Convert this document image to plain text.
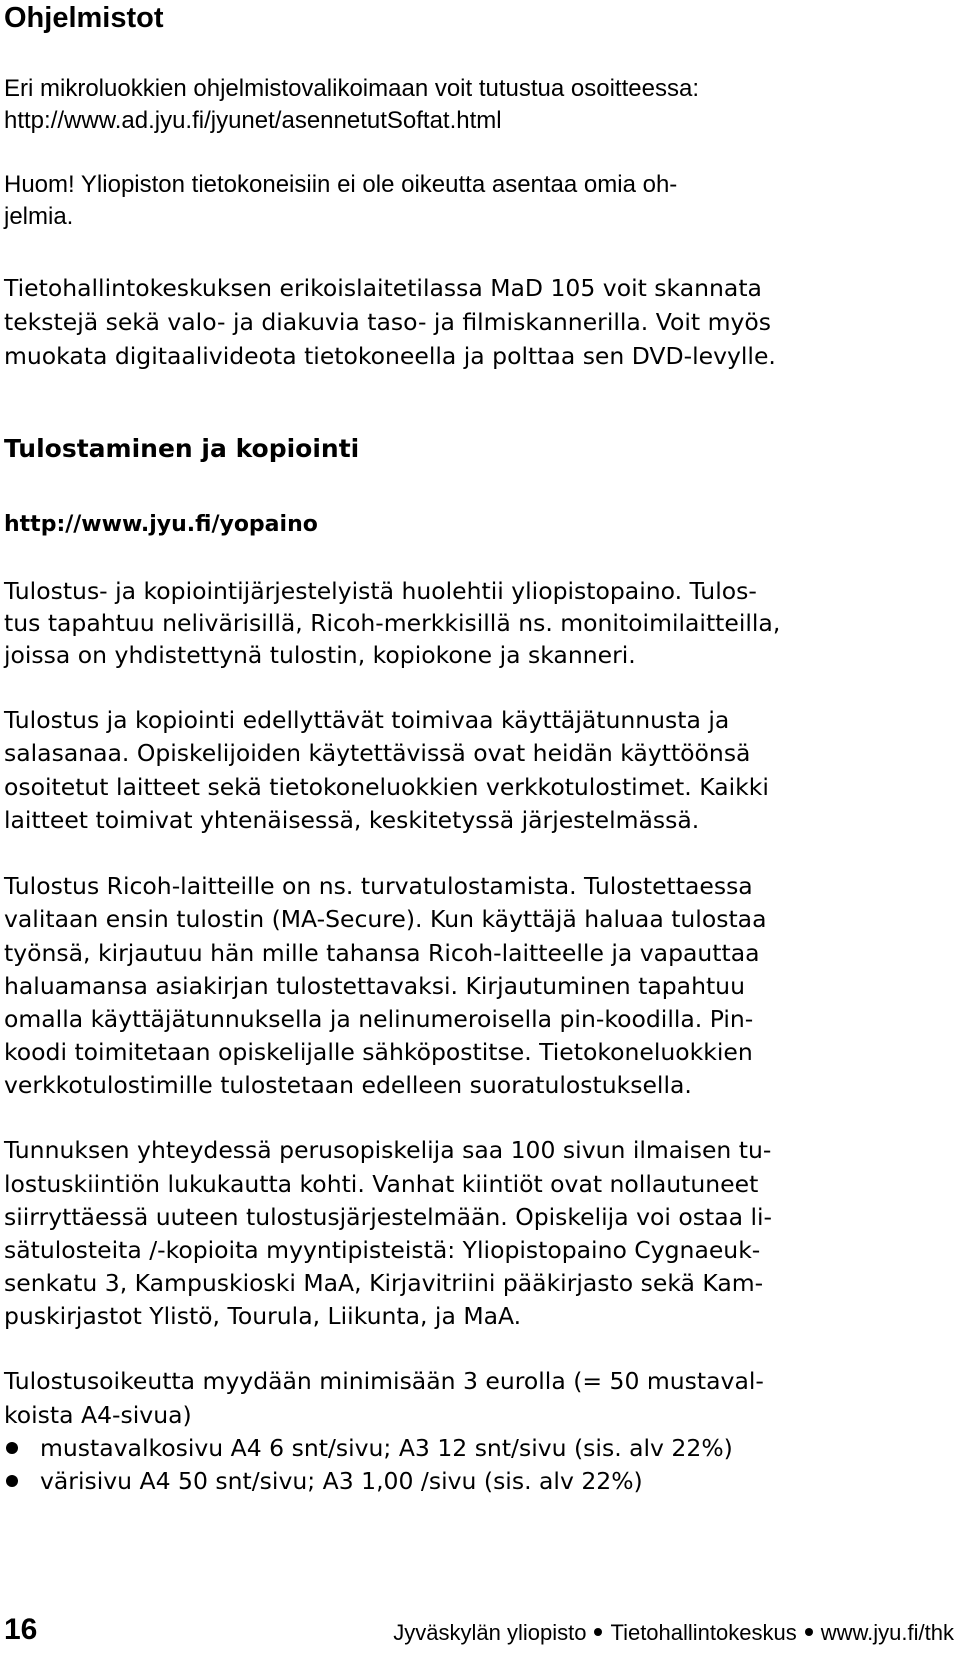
Ohjelmistot
Eri mikroluokkien ohjelmistovalikoimaan voit tutustua osoitteessa:
http://www.ad.jyu.fi/jyunet/asennetutSoftat.html
Huom! Yliopiston tietokoneisiin ei ole oikeutta asentaa omia oh-
jelmia.
Tietohallintokeskuksen erikoislaitetilassa MaD 105 voit skannata
tekstejä sekä valo- ja diakuvia taso- ja filmiskannerilla. Voit myös
muokata digitaalivideota tietokoneella ja polttaa sen DVD-levylle.
Tulostaminen ja kopiointi
http://www.jyu.fi/yopaino
Tulostus- ja kopiointijärjestelyistä huolehtii yliopistopaino. Tulos-
tus tapahtuu nelivärisillä, Ricoh-merkkisillä ns. monitoimilaitteilla,
joissa on yhdistettynä tulostin, kopiokone ja skanneri.
Tulostus ja kopiointi edellyttävät toimivaa käyttäjätunnusta ja
salasanaa. Opiskelijoiden käytettävissä ovat heidän käyttöönsä
osoitetut laitteet sekä tietokoneluokkien verkkotulostimet. Kaikki
laitteet toimivat yhtenäisessä, keskitetyssä järjestelmässä.
Tulostus Ricoh-laitteille on ns. turvatulostamista. Tulostettaessa
valitaan ensin tulostin (MA-Secure). Kun käyttäjä haluaa tulostaa
työnsä, kirjautuu hän mille tahansa Ricoh-laitteelle ja vapauttaa
haluamansa asiakirjan tulostettavaksi. Kirjautuminen tapahtuu
omalla käyttäjätunnuksella ja nelinumeroisella pin-koodilla. Pin-
koodi toimitetaan opiskelijalle sähköpostitse. Tietokoneluokkien
verkkotulostimille tulostetaan edelleen suoratulostuksella.
Tunnuksen yhteydessä perusopiskelija saa 100 sivun ilmaisen tu-
lostuskiintiön lukukautta kohti. Vanhat kiintiöt ovat nollautuneet
siirryttäessä uuteen tulostusjärjestelmään. Opiskelija voi ostaa li-
sätulosteita /-kopioita myyntipisteistä: Yliopistopaino Cygnaeuk-
senkatu 3, Kampuskioski MaA, Kirjavitriini pääkirjasto sekä Kam-
puskirjastot Ylistö, Tourula, Liikunta, ja MaA.
Tulostusoikeutta myydään minimisään 3 eurolla (= 50 mustaval-
koista A4-sivua)
mustavalkosivu A4 6 snt/sivu; A3 12 snt/sivu (sis. alv 22%)
värisivu A4 50 snt/sivu; A3 1,00 /sivu (sis. alv 22%)
16	Jyväskylän yliopisto Tietohallintokeskus www.jyu.fi/thk
